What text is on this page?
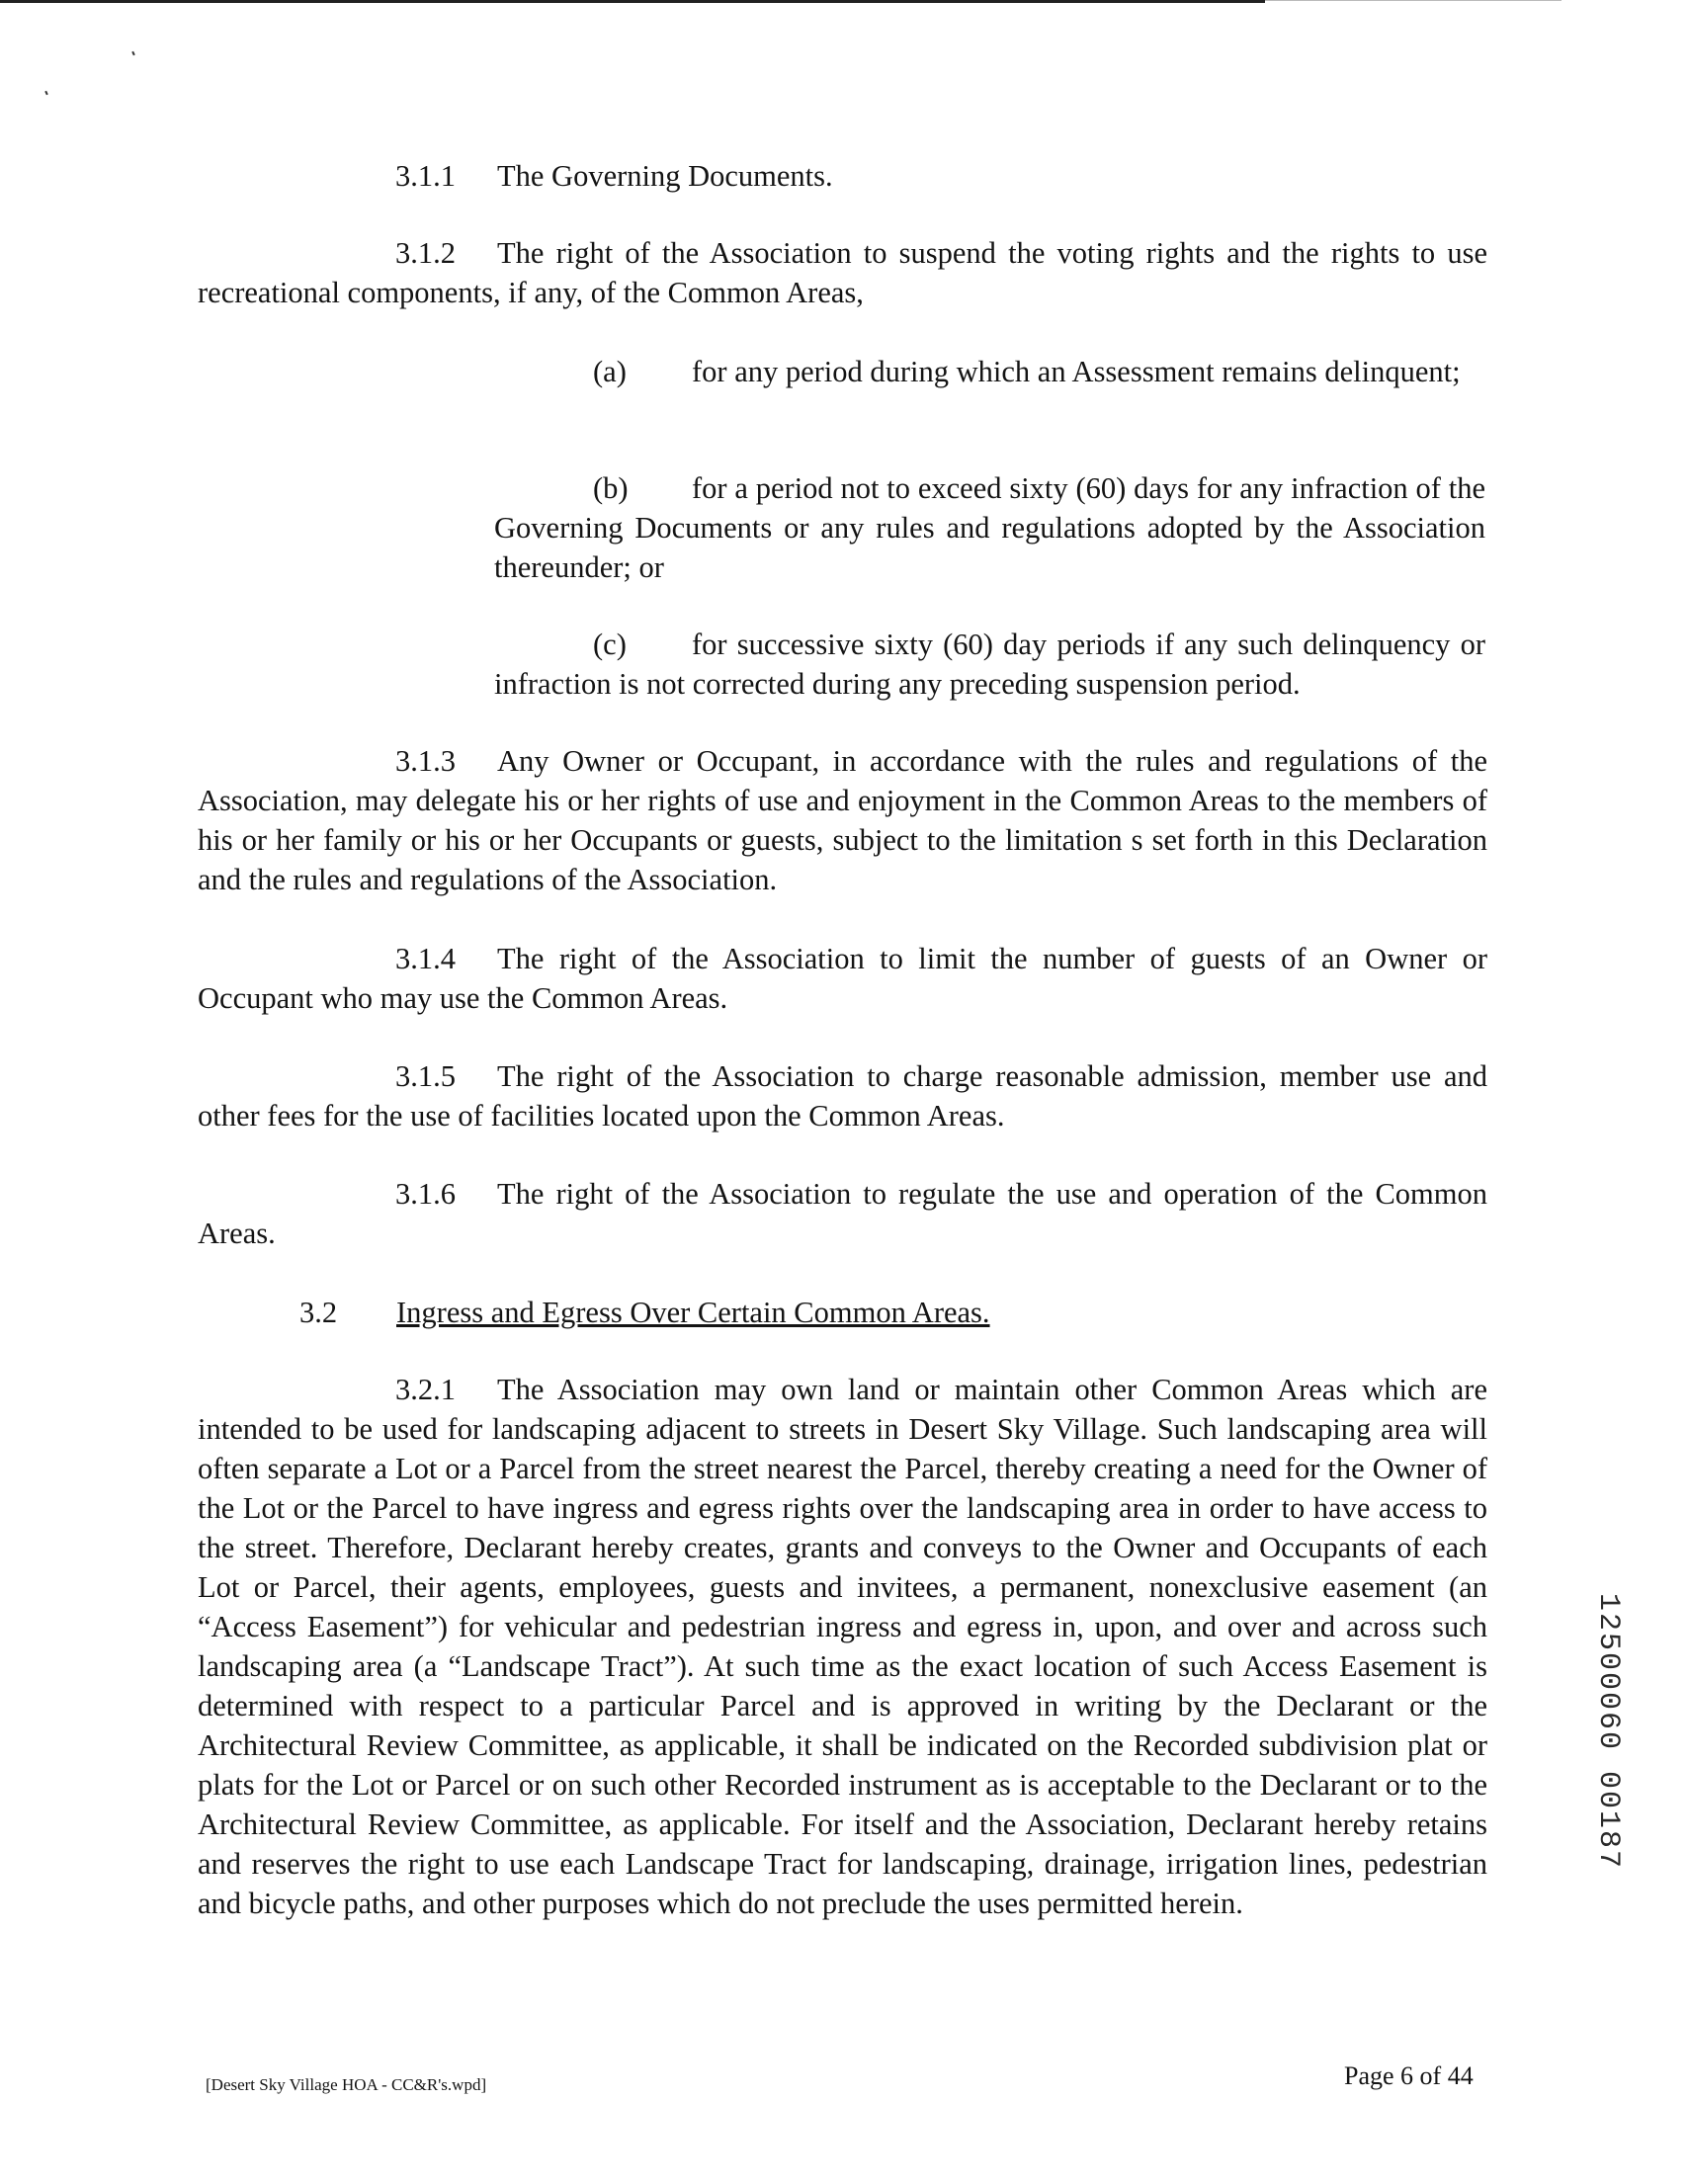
3.1.1 The Governing Documents.
3.1.2 The right of the Association to suspend the voting rights and the rights to use recreational components, if any, of the Common Areas,
(a) for any period during which an Assessment remains delinquent;
(b) for a period not to exceed sixty (60) days for any infraction of the Governing Documents or any rules and regulations adopted by the Association thereunder; or
(c) for successive sixty (60) day periods if any such delinquency or infraction is not corrected during any preceding suspension period.
3.1.3 Any Owner or Occupant, in accordance with the rules and regulations of the Association, may delegate his or her rights of use and enjoyment in the Common Areas to the members of his or her family or his or her Occupants or guests, subject to the limitation s set forth in this Declaration and the rules and regulations of the Association.
3.1.4 The right of the Association to limit the number of guests of an Owner or Occupant who may use the Common Areas.
3.1.5 The right of the Association to charge reasonable admission, member use and other fees for the use of facilities located upon the Common Areas.
3.1.6 The right of the Association to regulate the use and operation of the Common Areas.
3.2 Ingress and Egress Over Certain Common Areas.
3.2.1 The Association may own land or maintain other Common Areas which are intended to be used for landscaping adjacent to streets in Desert Sky Village. Such landscaping area will often separate a Lot or a Parcel from the street nearest the Parcel, thereby creating a need for the Owner of the Lot or the Parcel to have ingress and egress rights over the landscaping area in order to have access to the street. Therefore, Declarant hereby creates, grants and conveys to the Owner and Occupants of each Lot or Parcel, their agents, employees, guests and invitees, a permanent, nonexclusive easement (an “Access Easement”) for vehicular and pedestrian ingress and egress in, upon, and over and across such landscaping area (a “Landscape Tract”). At such time as the exact location of such Access Easement is determined with respect to a particular Parcel and is approved in writing by the Declarant or the Architectural Review Committee, as applicable, it shall be indicated on the Recorded subdivision plat or plats for the Lot or Parcel or on such other Recorded instrument as is acceptable to the Declarant or to the Architectural Review Committee, as applicable. For itself and the Association, Declarant hereby retains and reserves the right to use each Landscape Tract for landscaping, drainage, irrigation lines, pedestrian and bicycle paths, and other purposes which do not preclude the uses permitted herein.
[Desert Sky Village HOA - CC&R's.wpd]	Page 6 of 44
12500060 00187
